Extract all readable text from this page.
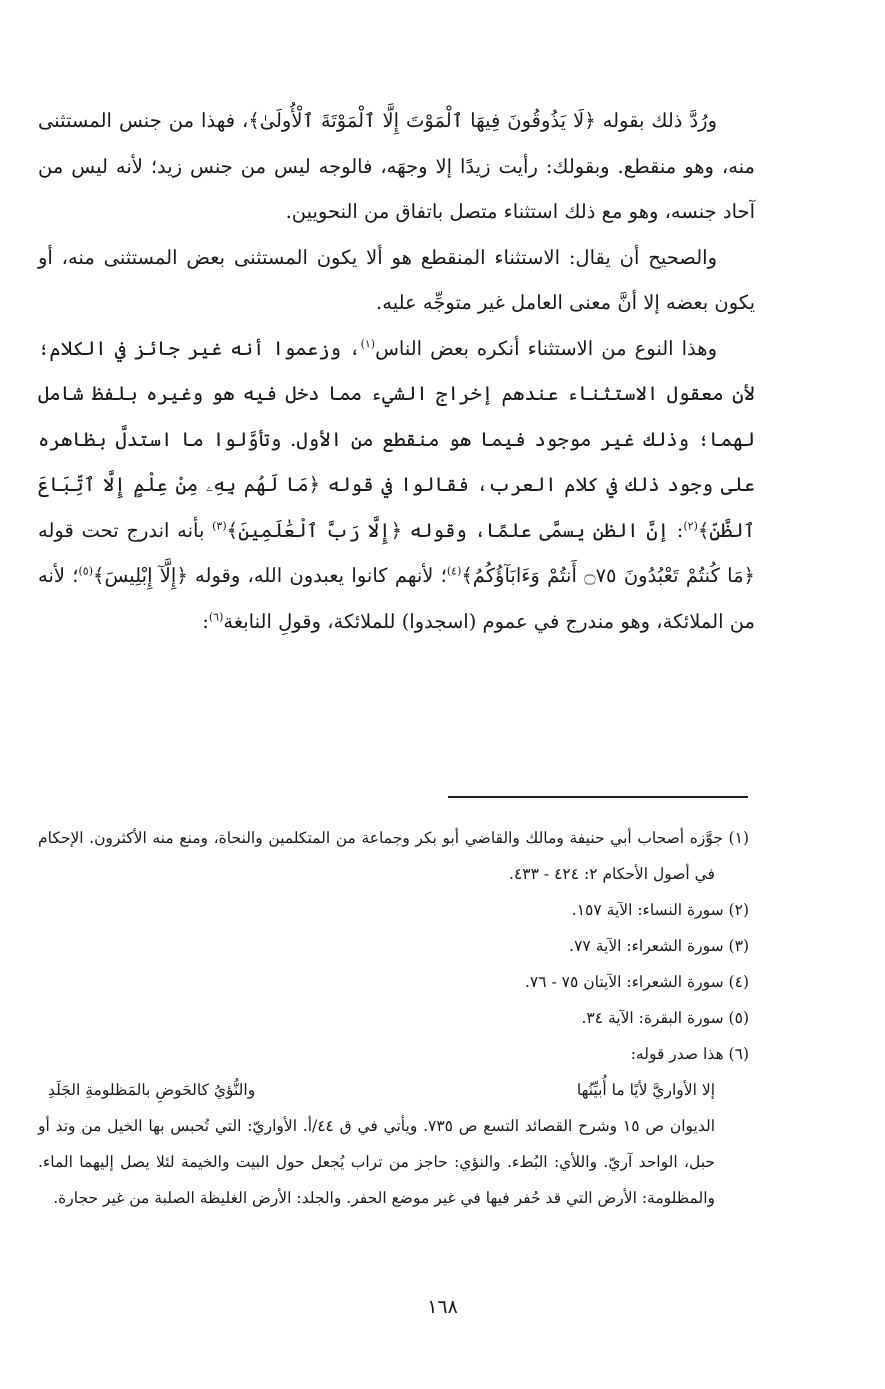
ورُدَّ ذلك بقوله ﴿لَا يَذُوقُونَ فِيهَا ٱلْمَوْتَ إِلَّا ٱلْمَوْتَةَ ٱلْأُولَىٰ﴾، فهذا من جنس المستثنى منه، وهو منقطع. وبقولك: رأيت زيدًا إلا وجهَه، فالوجه ليس من جنس زيد؛ لأنه ليس من آحاد جنسه، وهو مع ذلك استثناء متصل باتفاق من النحويين.

والصحيح أن يقال: الاستثناء المنقطع هو ألا يكون المستثنى بعض المستثنى منه، أو يكون بعضه إلا أنَّ معنى العامل غير متوجِّه عليه.

وهذا النوع من الاستثناء أنكره بعض الناس$^{(١)}$، وزعموا أنه غير جائز في الكلام؛ لأن معقول الاستثناء عندهم إخراج الشيء مما دخل فيه هو وغيره بلفظ شامل لهما؛ وذلك غير موجود فيما هو منقطع من الأول. وتأوَّلوا ما استدلَّ بظاهره على وجود ذلك في كلام العرب، فقالوا في قوله ﴿مَا لَهُم بِهِۦ مِنْ عِلْمٍ إِلَّا ٱتِّبَاعَ ٱلظَّنِّ﴾$^{(٢)}$: إنَّ الظن يسمَّى علمًا، وقوله ﴿إِلَّا رَبَّ ٱلْعَٰلَمِينَ﴾$^{(٣)}$ بأنه اندرج تحت قوله ﴿مَا كُنتُمْ تَعْبُدُونَ ۝٧٥ أَنتُمْ وَءَابَآؤُكُمُ﴾$^{(٤)}$؛ لأنهم كانوا يعبدون الله، وقوله ﴿إِلَّآ إِبْلِيسَ﴾$^{(٥)}$؛ لأنه من الملائكة، وهو مندرج في عموم (اسجدوا) للملائكة، وقولِ النابغة$^{(٦)}$:

(١) جوَّزه أصحاب أبي حنيفة ومالك والقاضي أبو بكر وجماعة من المتكلمين والنحاة، ومنع منه الأكثرون. الإحكام في أصول الأحكام ٢: ٤٢٤ - ٤٣٣.

(٢) سورة النساء: الآية ١٥٧.

(٣) سورة الشعراء: الآية ٧٧.

(٤) سورة الشعراء: الآيتان ٧٥ - ٧٦.

(٥) سورة البقرة: الآية ٣٤.

(٦) هذا صدر قوله:

إلا الأواريَّ لأيًا ما أُبيِّنُها
والنُّؤيُ كالحَوضِ بالمَظلومةِ الجَلَدِ

الديوان ص ١٥ وشرح القصائد التسع ص ٧٣٥. ويأتي في ق ٤٤/أ. الأواريّ: التي تُحبس بها الخيل من وتد أو حبل، الواحد آريّ. واللأي: البُطء. والنؤي: حاجز من تراب يُجعل حول البيت والخيمة لئلا يصل إليهما الماء. والمظلومة: الأرض التي قد حُفر فيها في غير موضع الحفر. والجلد: الأرض الغليظة الصلبة من غير حجارة.

١٦٨
